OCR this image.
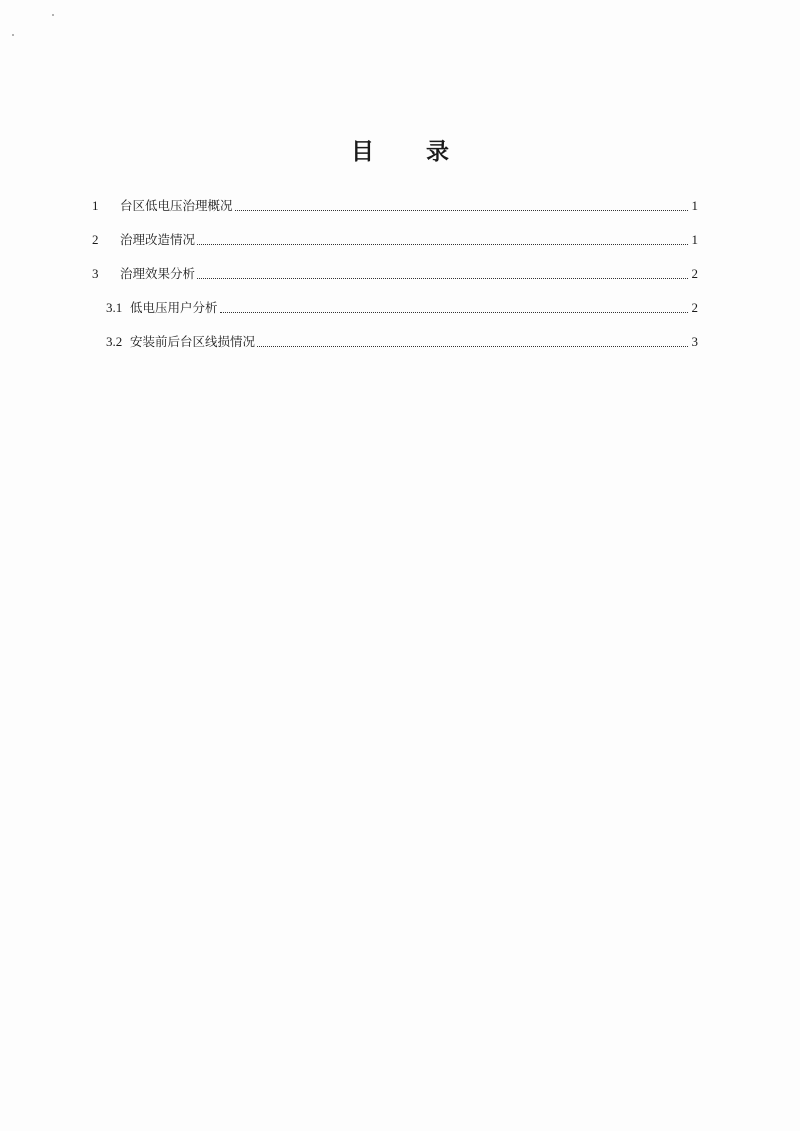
目 录
1	台区低电压治理概况	1
2	治理改造情况	1
3	治理效果分析	2
3.1 低电压用户分析	2
3.2 安装前后台区线损情况	3
